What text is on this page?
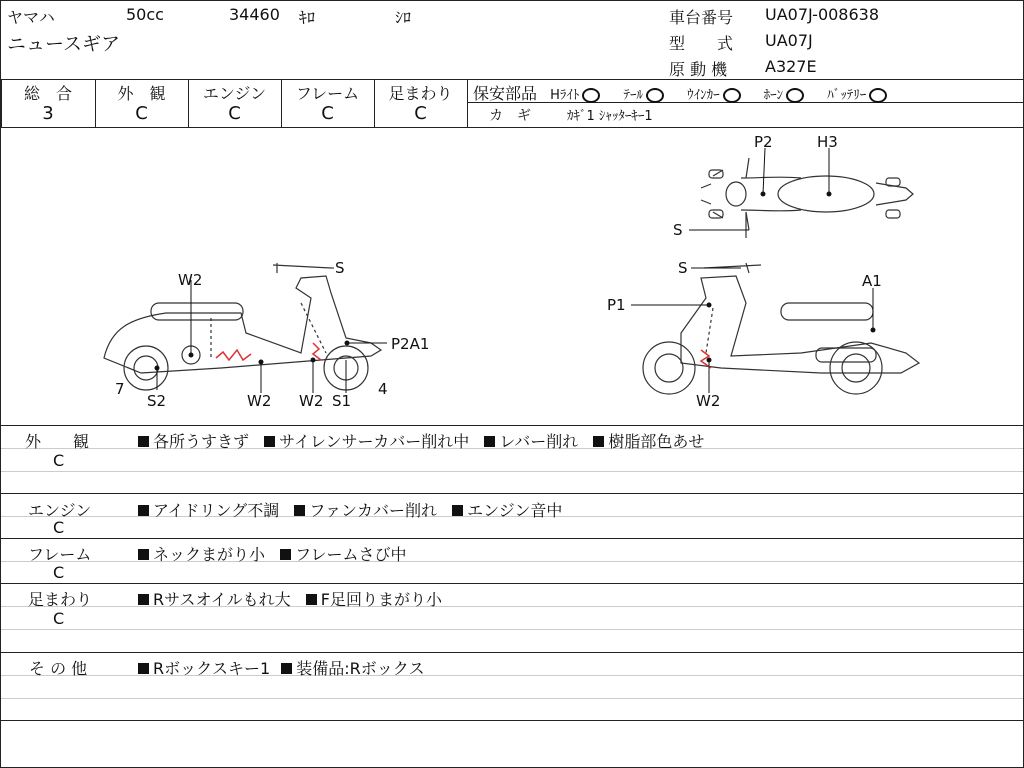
ヤマハ	50cc	34460 ｷﾛ	ｼﾛ
ニュースギア
車台番号 UA07J-008638
型　　式 UA07J
原 動 機 A327E
総　合
3
外　観
C
エンジン
C
フレーム
C
足まわり
C
保安部品 Hﾗｲﾄ	ﾃｰﾙ	ｳｲﾝｶｰ	ﾎｰﾝ	ﾊﾞｯﾃﾘｰ
カ　ギ	ｶｷﾞ1 ｼｬｯﾀｰｷｰ1
W2
S
P2A1
7
S2	W2 W2 S1
4
P2	H3
S
S
A1
P1
W2
外　　観
C
各所うすきず サイレンサーカバー削れ中 レバー削れ 樹脂部色あせ
エンジン
C
アイドリング不調 ファンカバー削れ エンジン音中
フレーム
C
ネックまがり小 フレームさび中
足まわり
C
Rサスオイルもれ大 F足回りまがり小
そ の 他	Rボックスキー1 装備品:Rボックス
